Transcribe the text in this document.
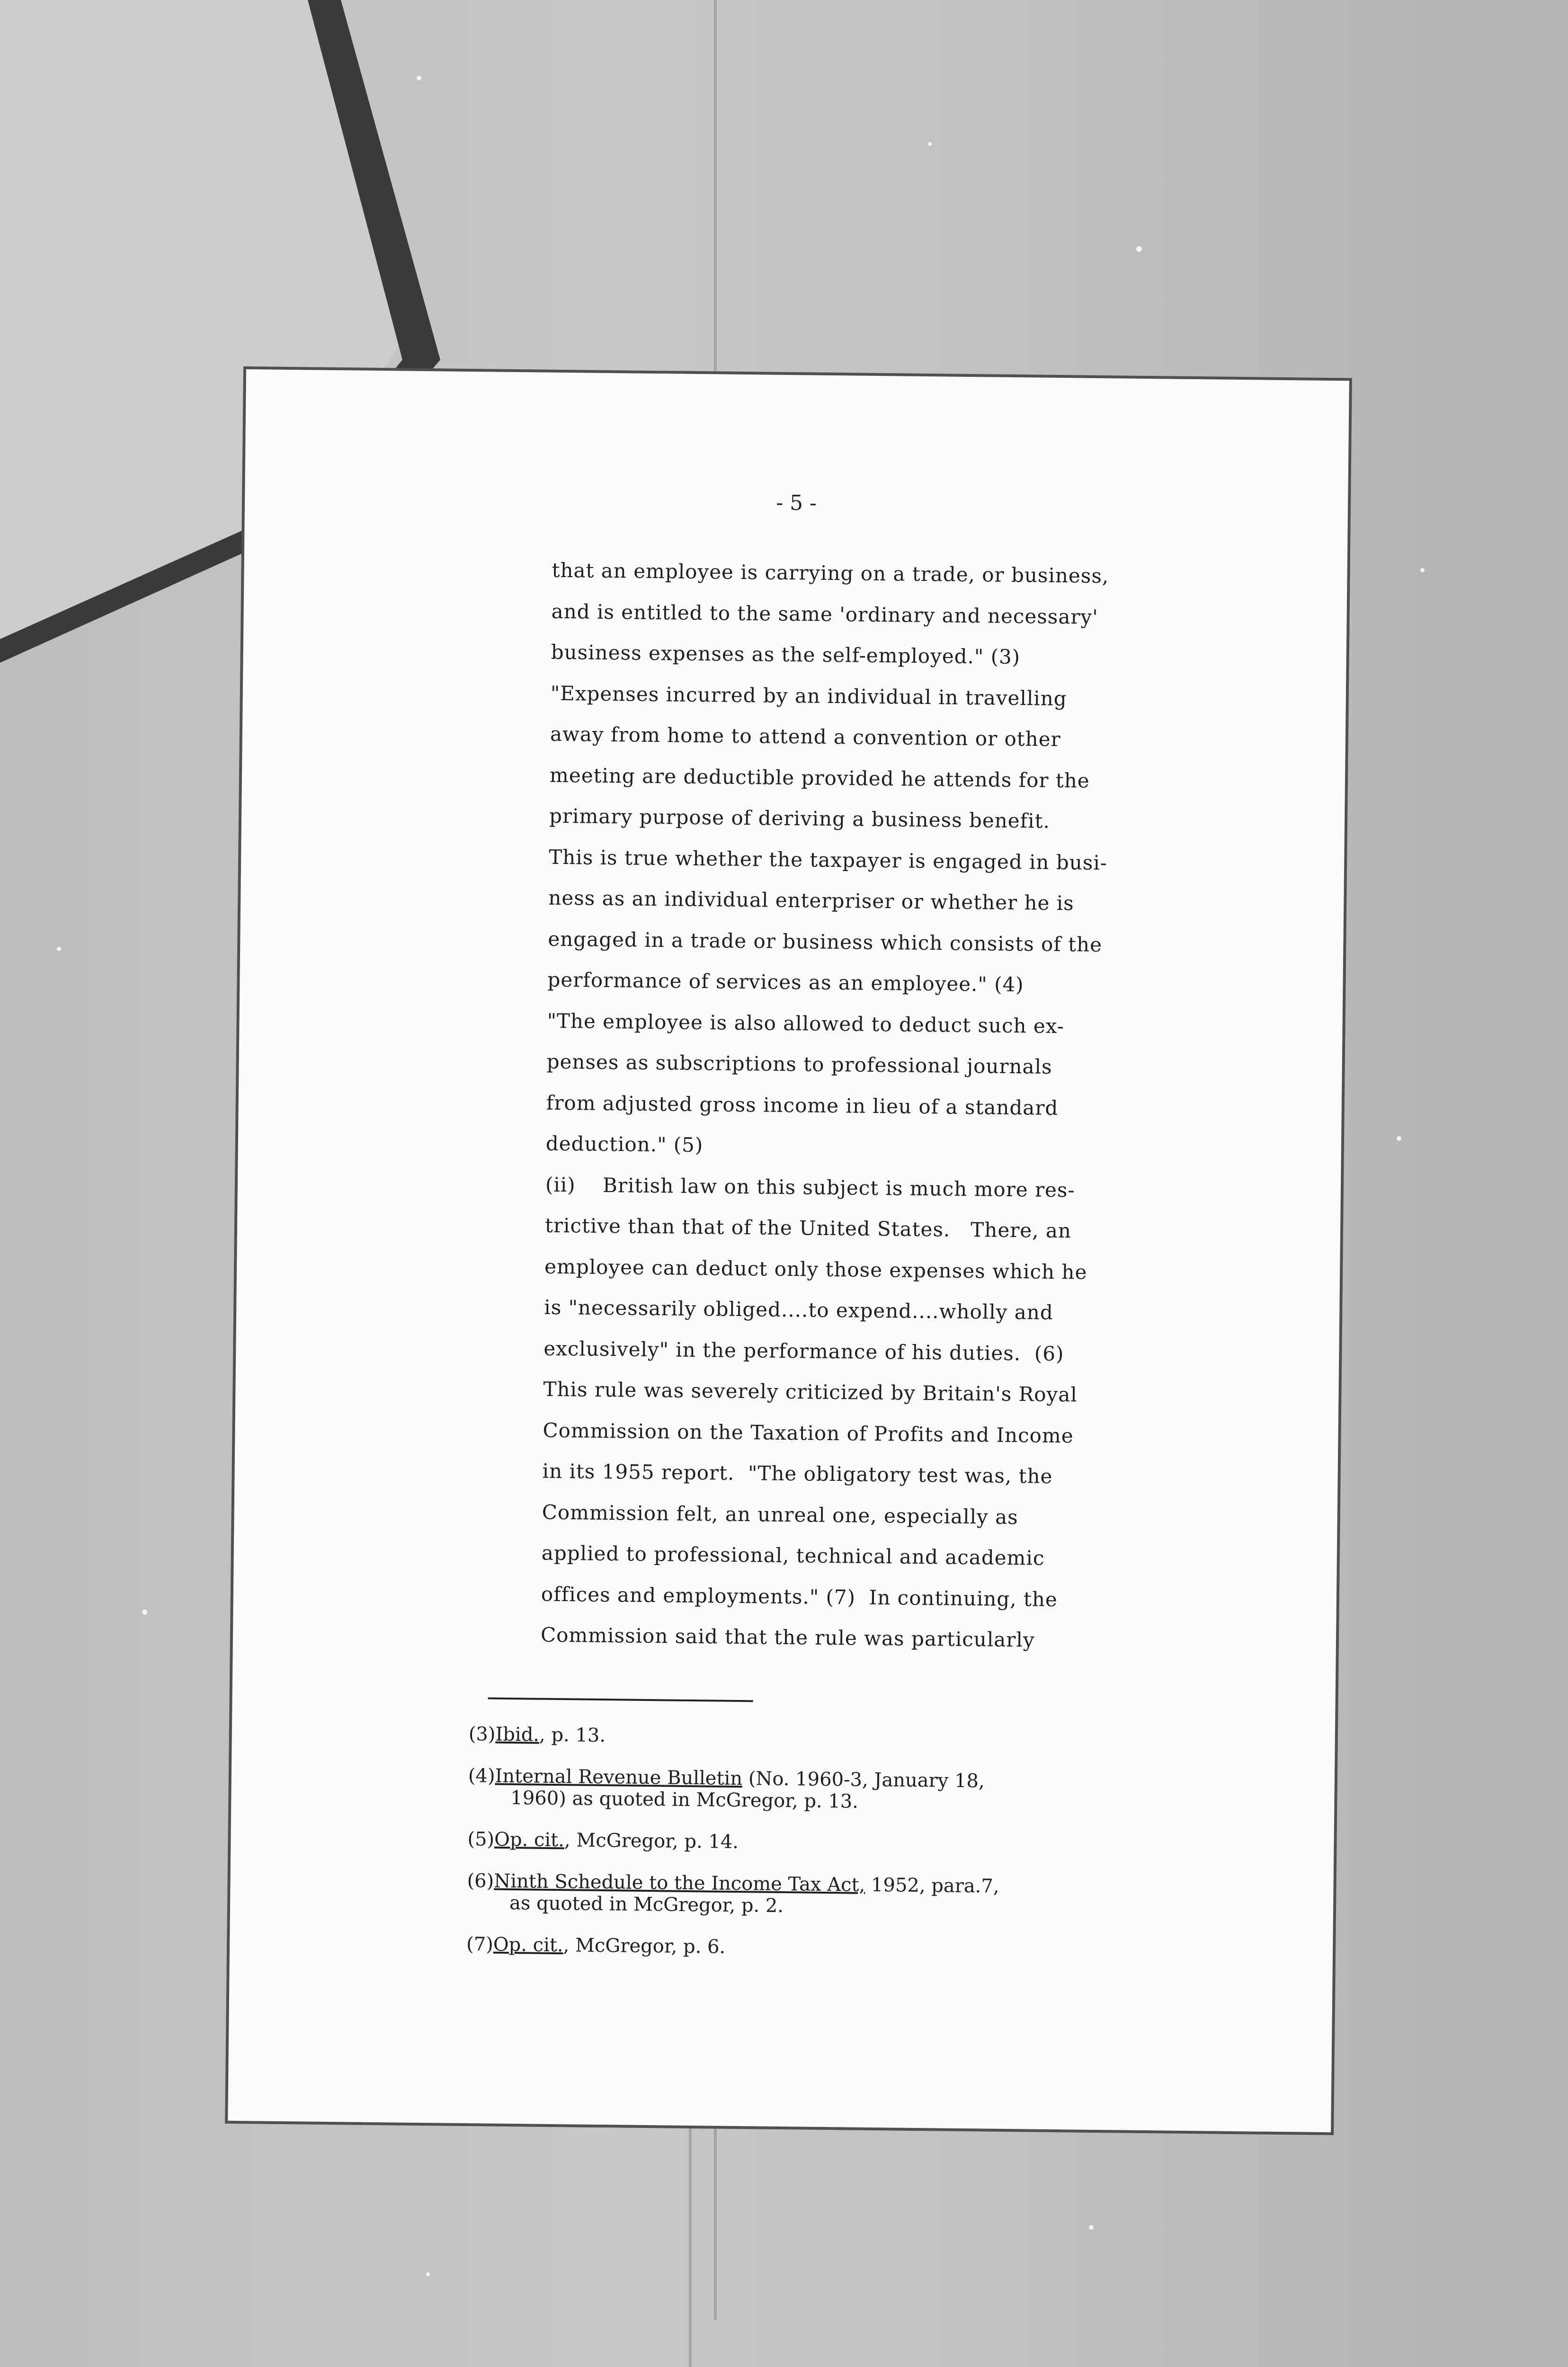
- 5 -
that an employee is carrying on a trade, or business,
and is entitled to the same 'ordinary and necessary'
business expenses as the self-employed." (3)
"Expenses incurred by an individual in travelling
away from home to attend a convention or other
meeting are deductible provided he attends for the
primary purpose of deriving a business benefit.
This is true whether the taxpayer is engaged in busi-
ness as an individual enterpriser or whether he is
engaged in a trade or business which consists of the
performance of services as an employee." (4)
"The employee is also allowed to deduct such ex-
penses as subscriptions to professional journals
from adjusted gross income in lieu of a standard
deduction." (5)
(ii)    British law on this subject is much more res-
trictive than that of the United States.   There, an
employee can deduct only those expenses which he
is "necessarily obliged....to expend....wholly and
exclusively" in the performance of his duties.  (6)
This rule was severely criticized by Britain's Royal
Commission on the Taxation of Profits and Income
in its 1955 report.  "The obligatory test was, the
Commission felt, an unreal one, especially as
applied to professional, technical and academic
offices and employments." (7)  In continuing, the
Commission said that the rule was particularly
(3)Ibid., p. 13.
(4)Internal Revenue Bulletin (No. 1960-3, January 18,
1960) as quoted in McGregor, p. 13.
(5)Op. cit., McGregor, p. 14.
(6)Ninth Schedule to the Income Tax Act, 1952, para.7,
as quoted in McGregor, p. 2.
(7)Op. cit., McGregor, p. 6.
